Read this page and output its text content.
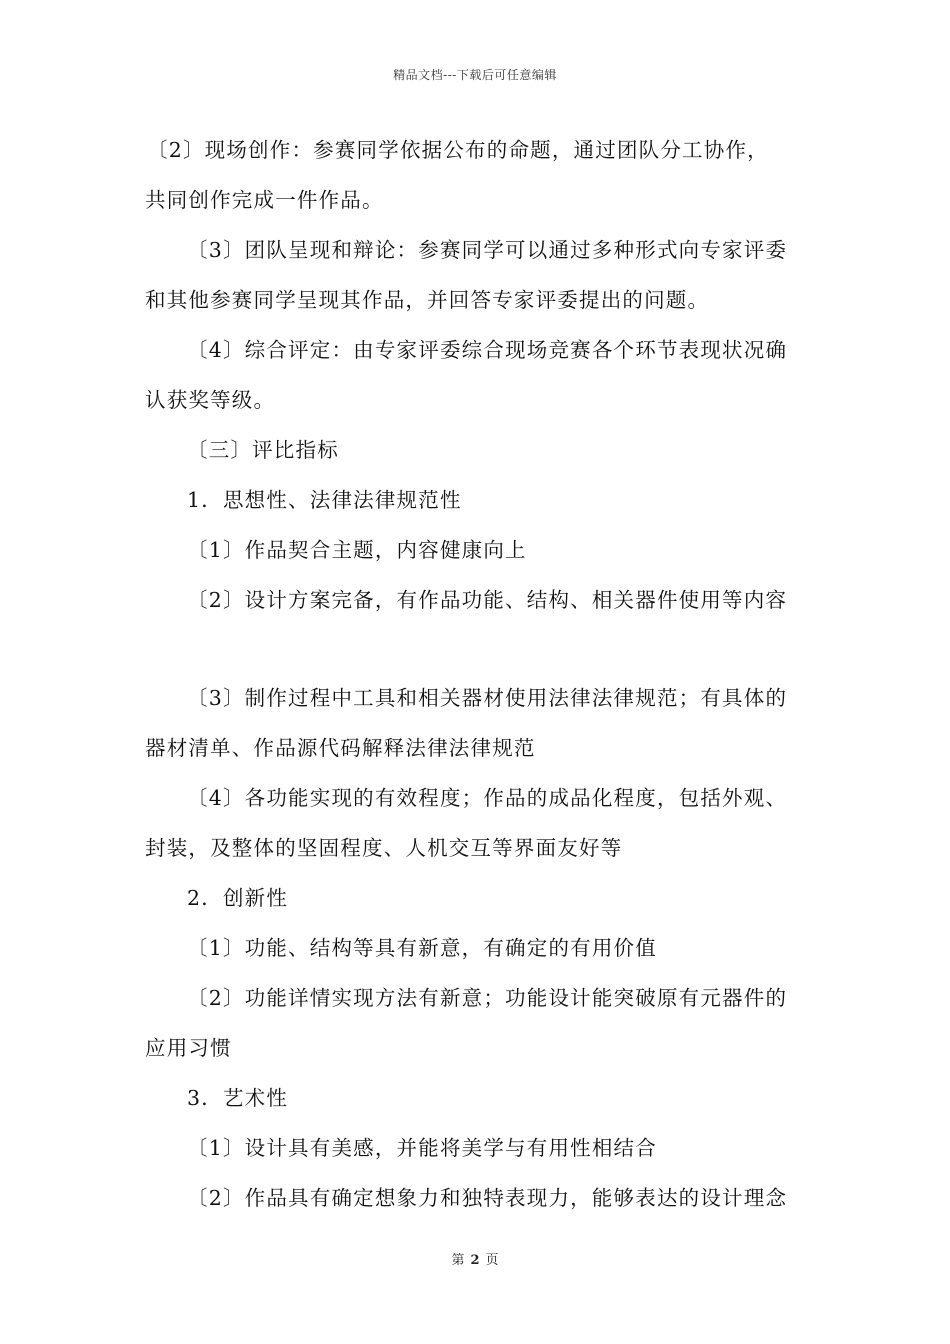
精品文档---下载后可任意编辑
〔2〕现场创作：参赛同学依据公布的命题，通过团队分工协作，
共同创作完成一件作品。
〔3〕团队呈现和辩论：参赛同学可以通过多种形式向专家评委
和其他参赛同学呈现其作品，并回答专家评委提出的问题。
〔4〕综合评定：由专家评委综合现场竞赛各个环节表现状况确
认获奖等级。
〔三〕评比指标
1．思想性、法律法律规范性
〔1〕作品契合主题，内容健康向上
〔2〕设计方案完备，有作品功能、结构、相关器件使用等内容
〔3〕制作过程中工具和相关器材使用法律法律规范；有具体的
器材清单、作品源代码解释法律法律规范
〔4〕各功能实现的有效程度；作品的成品化程度，包括外观、
封装，及整体的坚固程度、人机交互等界面友好等
2．创新性
〔1〕功能、结构等具有新意，有确定的有用价值
〔2〕功能详情实现方法有新意；功能设计能突破原有元器件的
应用习惯
3．艺术性
〔1〕设计具有美感，并能将美学与有用性相结合
〔2〕作品具有确定想象力和独特表现力，能够表达的设计理念
第 2 页
